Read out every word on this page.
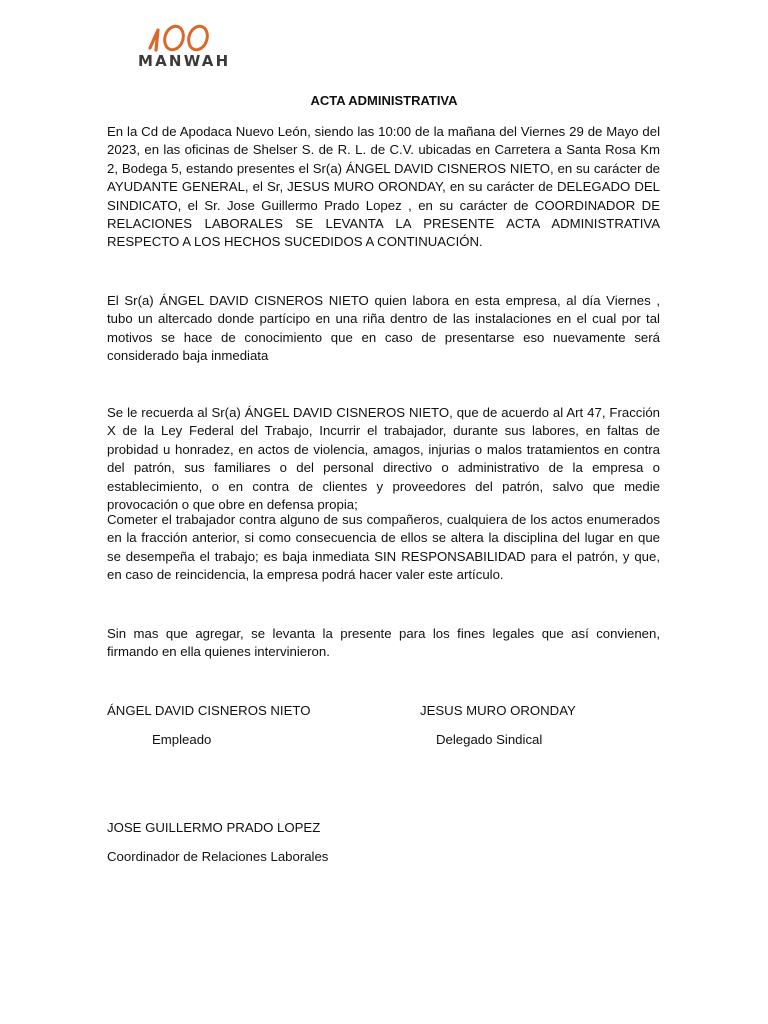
MANWAH
ACTA ADMINISTRATIVA

En la Cd de Apodaca Nuevo León, siendo las 10:00 de la mañana del Viernes 29 de Mayo del 2023, en las oficinas de Shelser S. de R. L. de C.V. ubicadas en Carretera a Santa Rosa Km 2, Bodega 5, estando presentes el Sr(a) ÁNGEL DAVID CISNEROS NIETO, en su carácter de AYUDANTE GENERAL, el Sr, JESUS MURO ORONDAY, en su carácter de DELEGADO DEL SINDICATO, el Sr. Jose Guillermo Prado Lopez , en su carácter de COORDINADOR DE RELACIONES LABORALES SE LEVANTA LA PRESENTE ACTA ADMINISTRATIVA RESPECTO A LOS HECHOS SUCEDIDOS A CONTINUACIÓN.

El Sr(a) ÁNGEL DAVID CISNEROS NIETO quien labora en esta empresa, al día Viernes , tubo un altercado donde partícipo en una riña dentro de las instalaciones en el cual por tal motivos se hace de conocimiento que en caso de presentarse eso nuevamente será considerado baja inmediata

Se le recuerda al Sr(a) ÁNGEL DAVID CISNEROS NIETO, que de acuerdo al Art 47, Fracción X de la Ley Federal del Trabajo, Incurrir el trabajador, durante sus labores, en faltas de probidad u honradez, en actos de violencia, amagos, injurias o malos tratamientos en contra del patrón, sus familiares o del personal directivo o administrativo de la empresa o establecimiento, o en contra de clientes y proveedores del patrón, salvo que medie provocación o que obre en defensa propia;

Cometer el trabajador contra alguno de sus compañeros, cualquiera de los actos enumerados en la fracción anterior, si como consecuencia de ellos se altera la disciplina del lugar en que se desempeña el trabajo; es baja inmediata SIN RESPONSABILIDAD para el patrón, y que, en caso de reincidencia, la empresa podrá hacer valer este artículo.

Sin mas que agregar, se levanta la presente para los fines legales que así convienen, firmando en ella quienes intervinieron.

ÁNGEL DAVID CISNEROS NIETO
Empleado
JESUS MURO ORONDAY
Delegado Sindical
JOSE GUILLERMO PRADO LOPEZ
Coordinador de Relaciones Laborales
